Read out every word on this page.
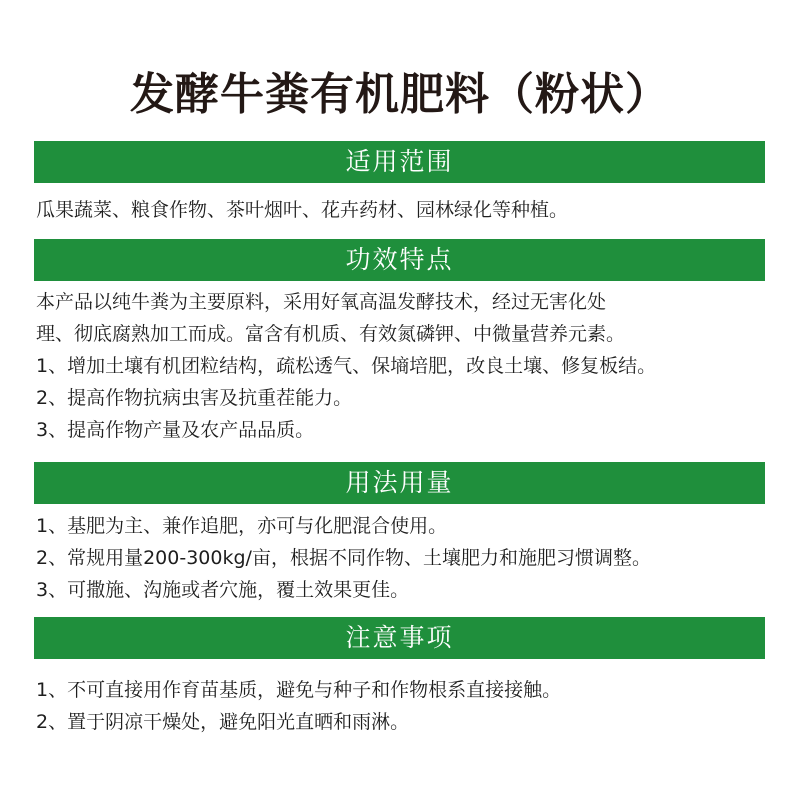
发酵牛粪有机肥料（粉状）
适用范围
瓜果蔬菜、粮食作物、茶叶烟叶、花卉药材、园林绿化等种植。
功效特点
本产品以纯牛粪为主要原料，采用好氧高温发酵技术，经过无害化处
理、彻底腐熟加工而成。富含有机质、有效氮磷钾、中微量营养元素。
1、增加土壤有机团粒结构，疏松透气、保墒培肥，改良土壤、修复板结。
2、提高作物抗病虫害及抗重茬能力。
3、提高作物产量及农产品品质。
用法用量
1、基肥为主、兼作追肥，亦可与化肥混合使用。
2、常规用量200-300kg/亩，根据不同作物、土壤肥力和施肥习惯调整。
3、可撒施、沟施或者穴施，覆土效果更佳。
注意事项
1、不可直接用作育苗基质，避免与种子和作物根系直接接触。
2、置于阴凉干燥处，避免阳光直晒和雨淋。
